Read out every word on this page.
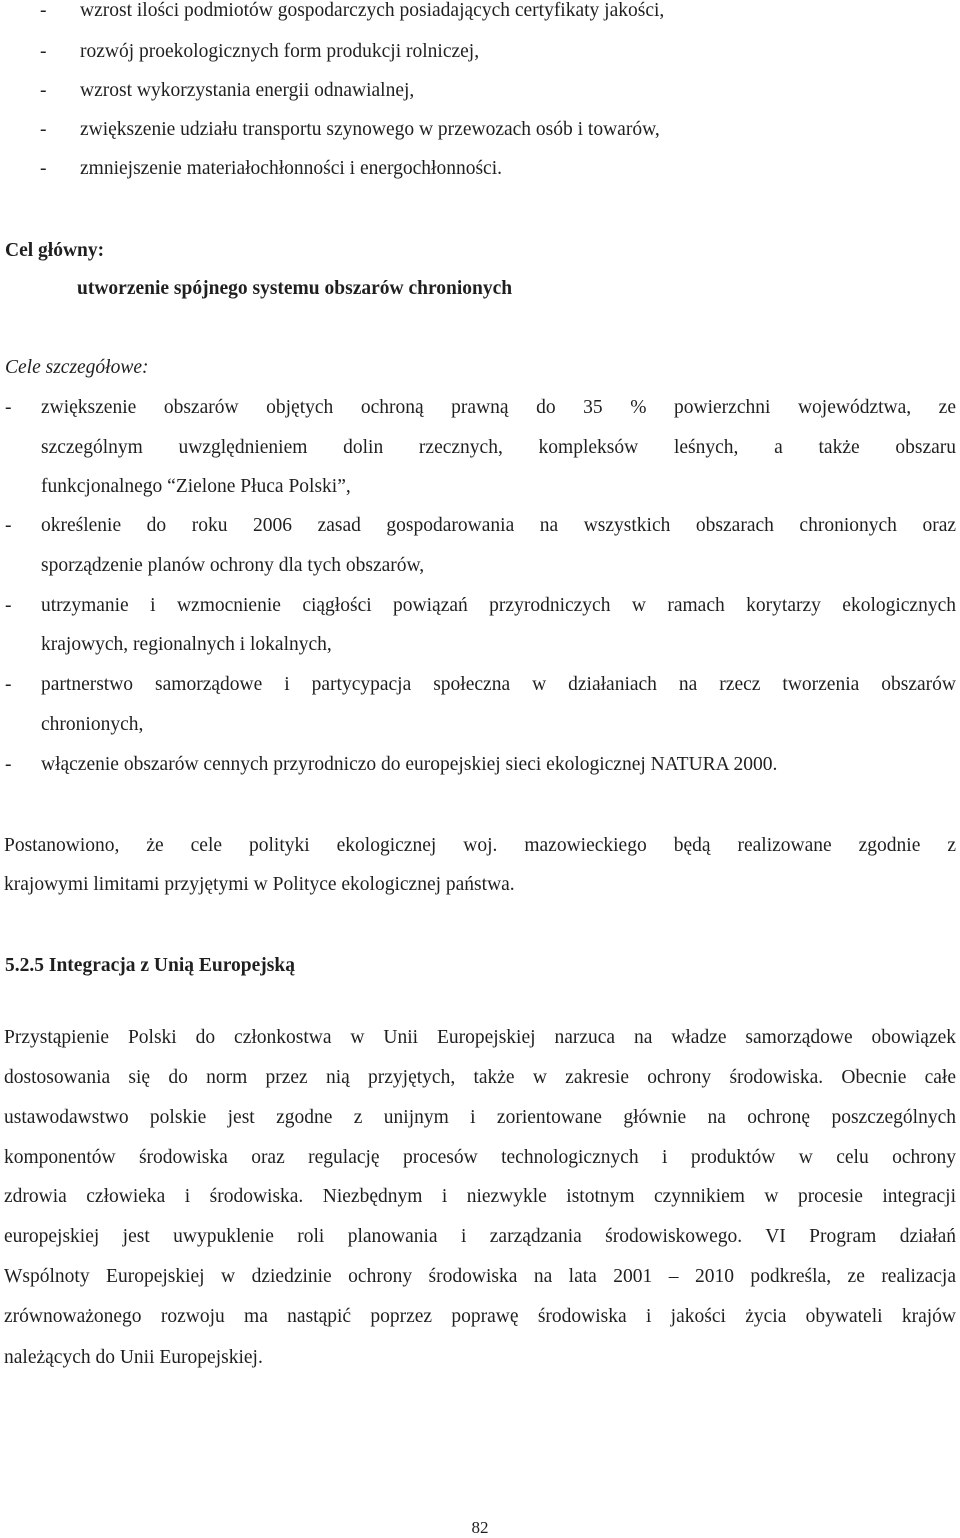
- wzrost ilości podmiotów gospodarczych posiadających certyfikaty jakości,
- rozwój proekologicznych form produkcji rolniczej,
- wzrost wykorzystania energii odnawialnej,
- zwiększenie udziału transportu szynowego w przewozach osób i towarów,
- zmniejszenie materiałochłonności i energochłonności.
Cel główny:
utworzenie spójnego systemu obszarów chronionych
Cele szczegółowe:
- zwiększenie obszarów objętych ochroną prawną do 35 % powierzchni województwa, ze
szczególnym uwzględnieniem dolin rzecznych, kompleksów leśnych, a także obszaru
funkcjonalnego “Zielone Płuca Polski”,
- określenie do roku 2006 zasad gospodarowania na wszystkich obszarach chronionych oraz
sporządzenie planów ochrony dla tych obszarów,
- utrzymanie i wzmocnienie ciągłości powiązań przyrodniczych w ramach korytarzy ekologicznych
krajowych, regionalnych i lokalnych,
- partnerstwo samorządowe i partycypacja społeczna w działaniach na rzecz tworzenia obszarów
chronionych,
- włączenie obszarów cennych przyrodniczo do europejskiej sieci ekologicznej NATURA 2000.
Postanowiono, że cele polityki ekologicznej woj. mazowieckiego będą realizowane zgodnie z
krajowymi limitami przyjętymi w Polityce ekologicznej państwa.
5.2.5 Integracja z Unią Europejską
Przystąpienie Polski do członkostwa w Unii Europejskiej narzuca na władze samorządowe obowiązek
dostosowania się do norm przez nią przyjętych, także w zakresie ochrony środowiska. Obecnie całe
ustawodawstwo polskie jest zgodne z unijnym i zorientowane głównie na ochronę poszczególnych
komponentów środowiska oraz regulację procesów technologicznych i produktów w celu ochrony
zdrowia człowieka i środowiska. Niezbędnym i niezwykle istotnym czynnikiem w procesie integracji
europejskiej jest uwypuklenie roli planowania i zarządzania środowiskowego. VI Program działań
Wspólnoty Europejskiej w dziedzinie ochrony środowiska na lata 2001 – 2010 podkreśla, ze realizacja
zrównoważonego rozwoju ma nastąpić poprzez poprawę środowiska i jakości życia obywateli krajów
należących do Unii Europejskiej.
82
